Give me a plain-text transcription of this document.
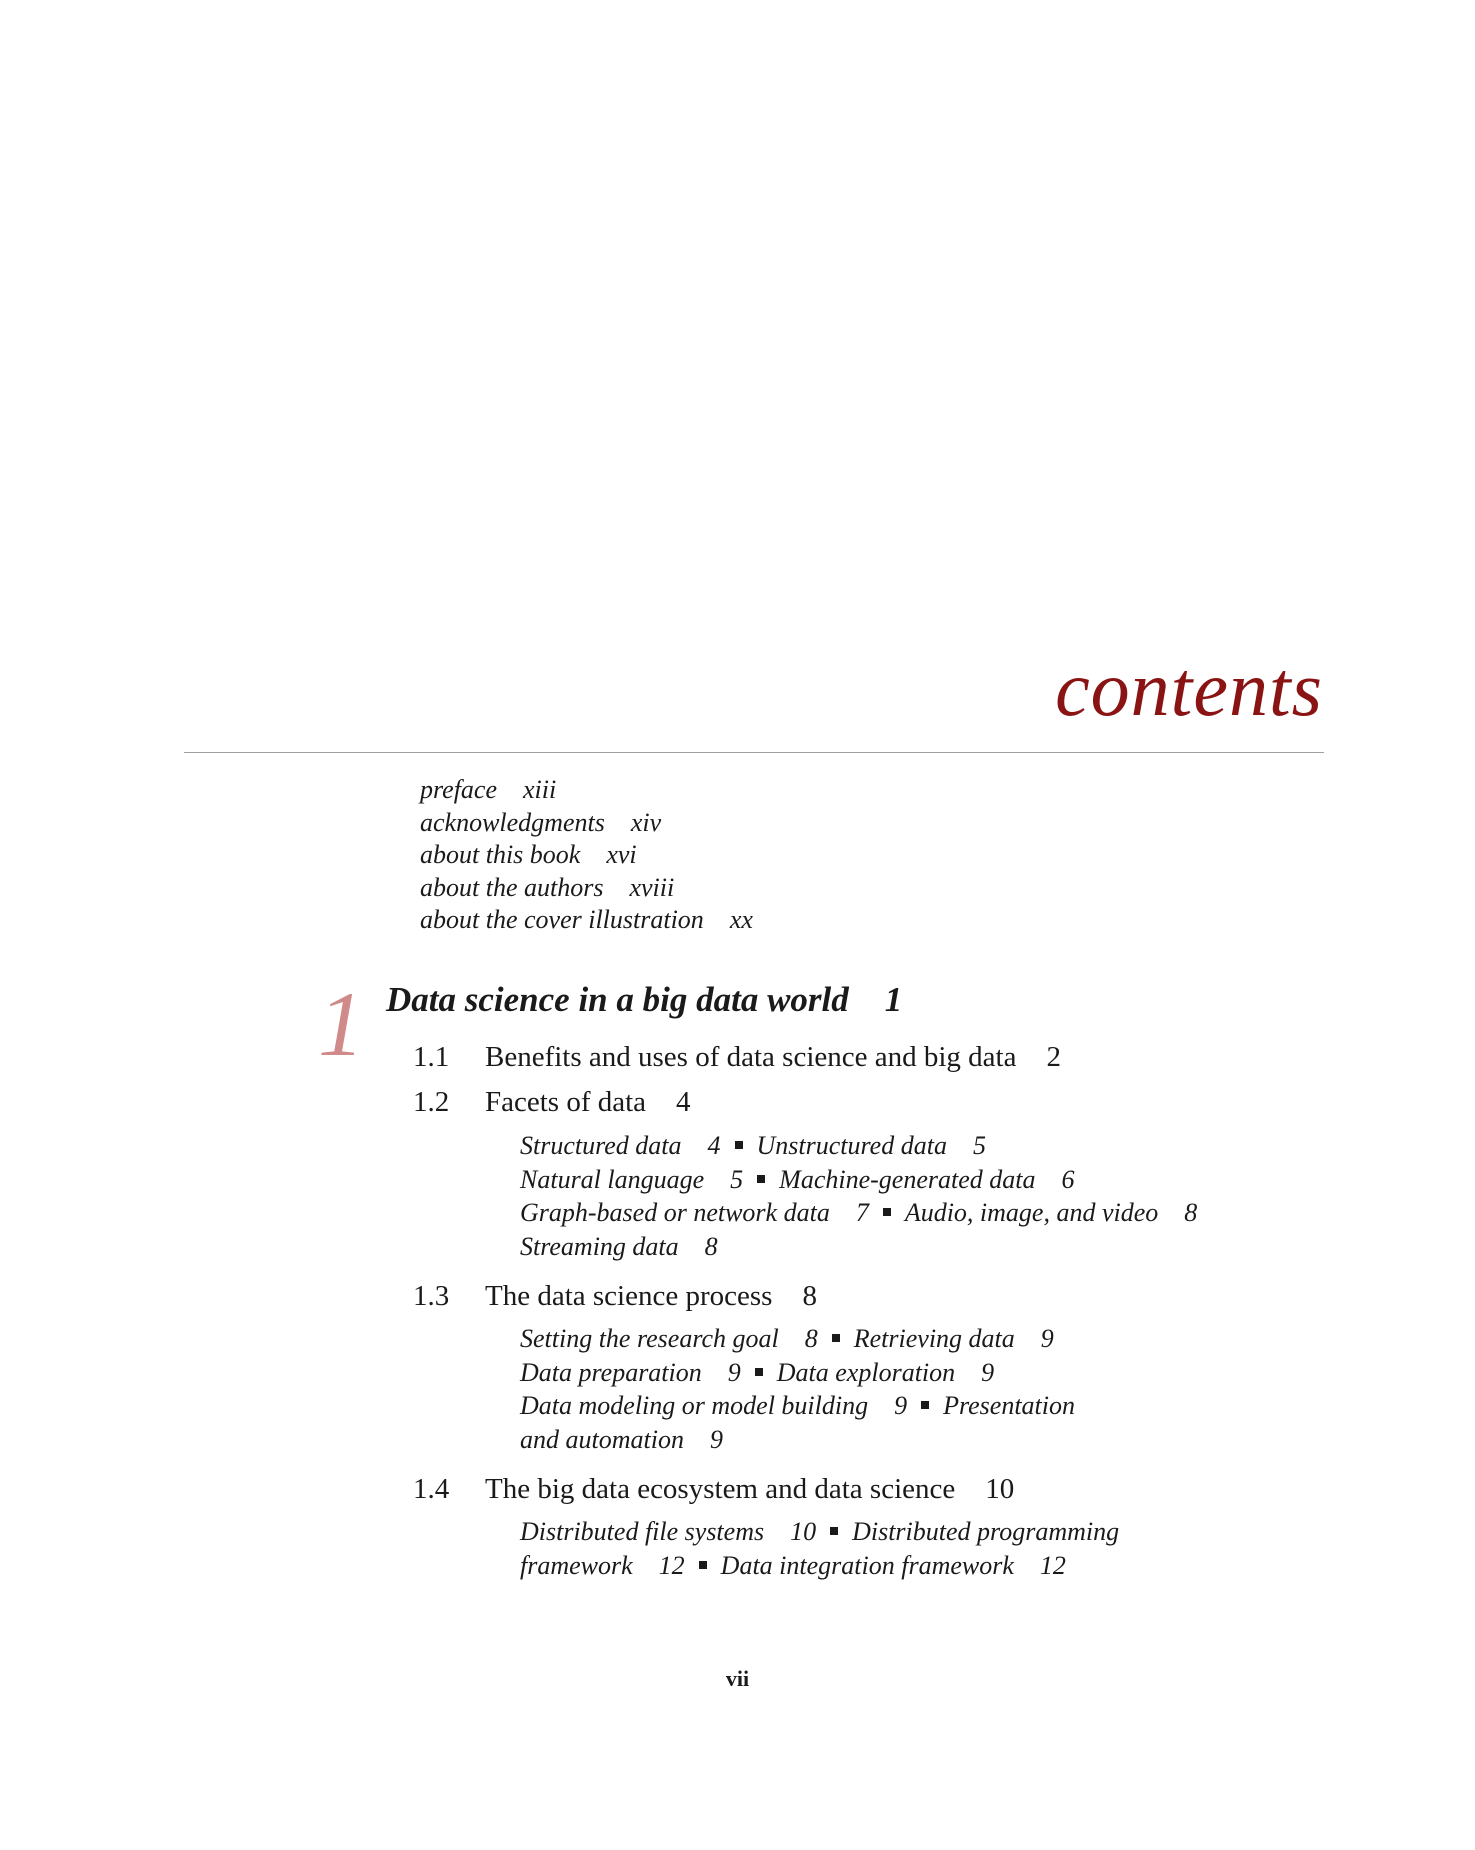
contents
preface xiii
acknowledgments xiv
about this book xvi
about the authors xviii
about the cover illustration xx
1 Data science in a big data world 1
1.1 Benefits and uses of data science and big data 2
1.2 Facets of data 4
Structured data 4 Unstructured data 5
Natural language 5 Machine-generated data 6
Graph-based or network data 7 Audio, image, and video 8
Streaming data 8
1.3 The data science process 8
Setting the research goal 8 Retrieving data 9
Data preparation 9 Data exploration 9
Data modeling or model building 9 Presentation
and automation 9
1.4 The big data ecosystem and data science 10
Distributed file systems 10 Distributed programming
framework 12 Data integration framework 12
vii
